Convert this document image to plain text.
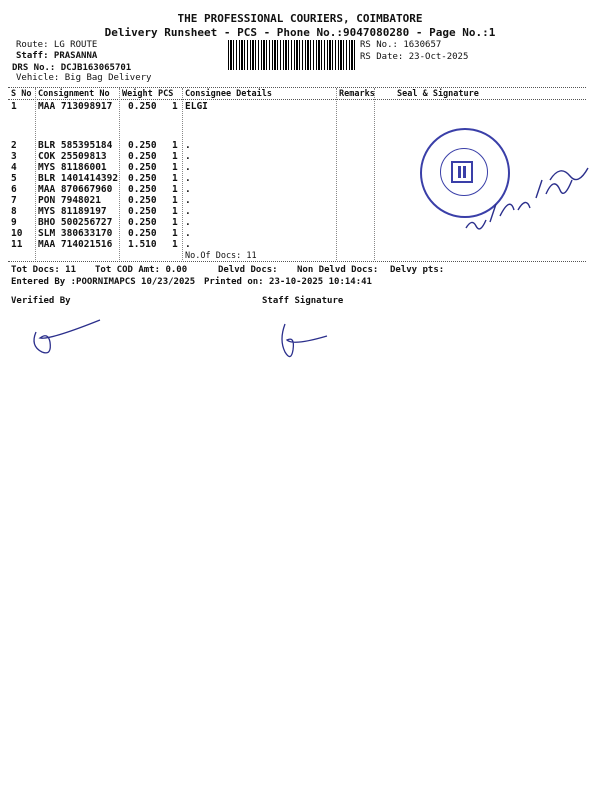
THE PROFESSIONAL COURIERS, COIMBATORE
Delivery Runsheet - PCS - Phone No.:9047080280 - Page No.:1
Route: LG ROUTE
Staff: PRASANNA
DRS No.: DCJB163065701
Vehicle: Big Bag Delivery
RS No.: 1630657
RS Date: 23-Oct-2025
S No Consignment No Weight PCS Consignee Details	Remarks	Seal & Signature
1 MAA 713098917 0.250 1 ELGI
2 BLR 585395184 0.250 1 .
3 COK 25509813 0.250 1 .
4 MYS 81186001 0.250 1 .
5 BLR 1401414392 0.250 1 .
6 MAA 870667960 0.250 1 .
7 PON 7948021	0.250 1 .
8 MYS 81189197 0.250 1 .
9 BHO 500256727 0.250 1 .
10 SLM 380633170 0.250 1 .
11 MAA 714021516 1.510 1 .
No.Of Docs: 11
Tot Docs: 11 Tot COD Amt: 0.00	Delvd Docs: Non Delvd Docs: Delvy pts:
Entered By :POORNIMAPCS 10/23/2025 Printed on: 23-10-2025 10:14:41
Verified By	Staff Signature
